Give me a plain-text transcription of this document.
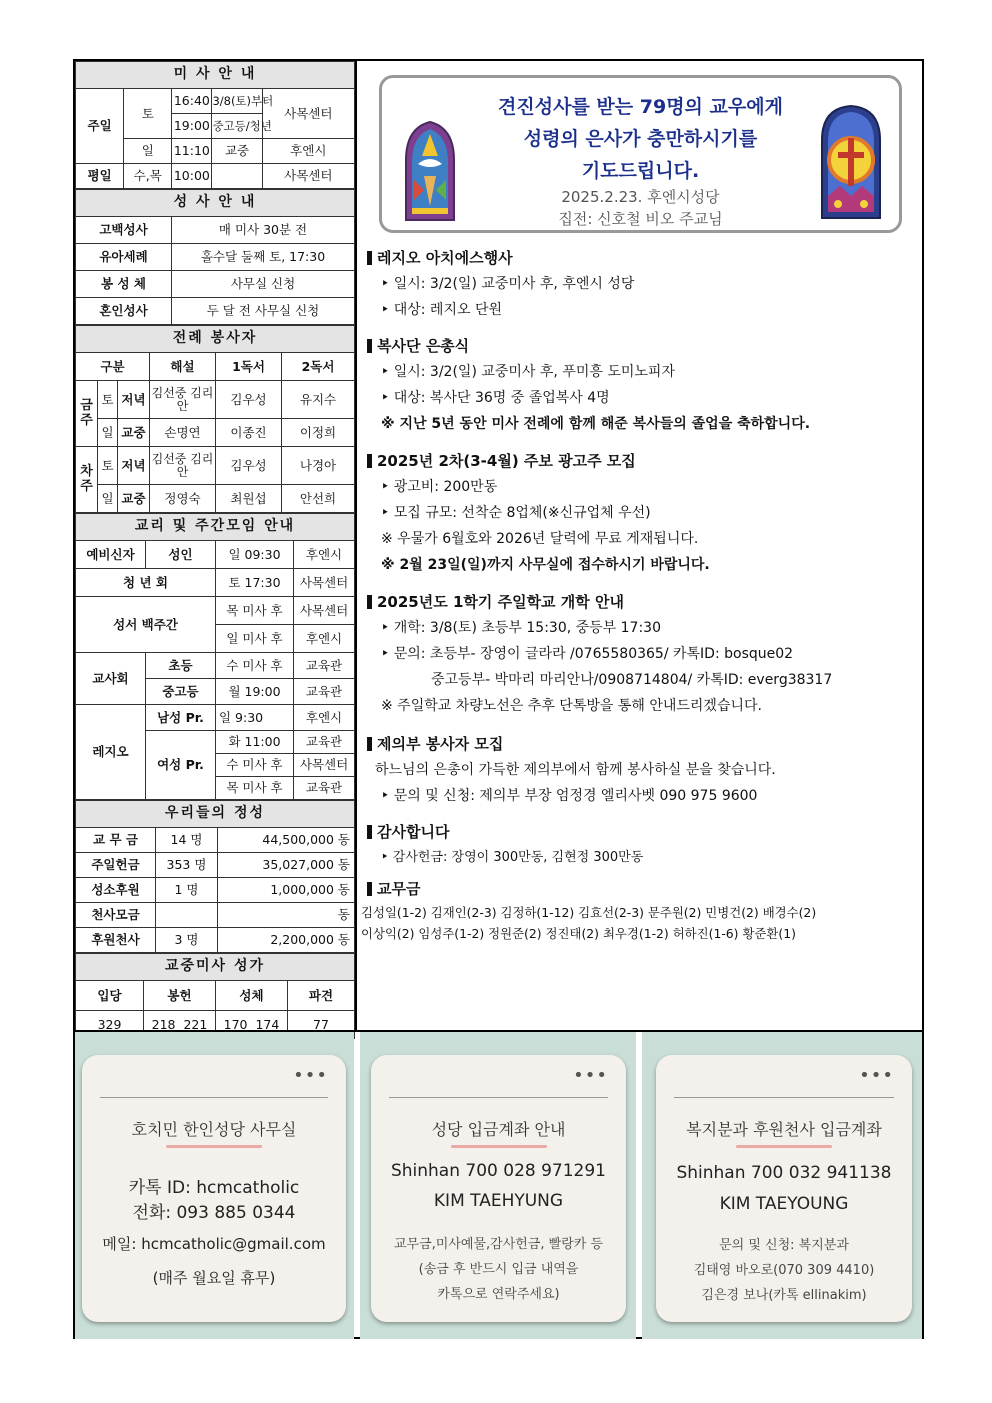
미 사 안 내				
주일	토	16:40	3/8(토)부터	사목센터
		19:00	중고등/청년	
	일	11:10	교중	후엔시
평일	수,목	10:00		사목센터
성 사 안 내	
고백성사	매 미사 30분 전
유아세례	홀수달 둘째 토, 17:30
봉 성 체	사무실 신청
혼인성사	두 달 전 사무실 신청
전례 봉사자					
구분			해설	1독서	2독서
금주	토	저녁	김선중 김리안	김우성	유지수
	일	교중	손명연	이종진	이정희
차주	토	저녁	김선중 김리안	김우성	나경아
	일	교중	정영숙	최원섭	안선희
교리 및 주간모임 안내			
예비신자	성인	일 09:30	후엔시
청 년 회		토 17:30	사목센터
성서 백주간		목 미사 후	사목센터
		일 미사 후	후엔시
교사회	초등	수 미사 후	교육관
	중고등	월 19:00	교육관
레지오	남성 Pr.	일 9:30	후엔시
	여성 Pr.	화 11:00	교육관
		수 미사 후	사목센터
		목 미사 후	교육관
우리들의 정성		
교 무 금	14 명	44,500,000 동
주일헌금	353 명	35,027,000 동
성소후원	1 명	1,000,000 동
천사모금		동
후원천사	3 명	2,200,000 동
교중미사 성가			
입당	봉헌	성체	파견
329	218  221	170  174	77
견진성사를 받는 79명의 교우에게
성령의 은사가 충만하시기를
기도드립니다.
2025.2.23. 후엔시성당
집전: 신호철 비오 주교님
레지오 아치에스행사
‣ 일시: 3/2(일) 교중미사 후, 후엔시 성당
‣ 대상: 레지오 단원
복사단 은총식
‣ 일시: 3/2(일) 교중미사 후, 푸미흥 도미노피자
‣ 대상: 복사단 36명 중 졸업복사 4명
※ 지난 5년 동안 미사 전례에 함께 해준 복사들의 졸업을 축하합니다.
2025년 2차(3-4월) 주보 광고주 모집
‣ 광고비: 200만동
‣ 모집 규모: 선착순 8업체(※신규업체 우선)
※ 우물가 6월호와 2026년 달력에 무료 게재됩니다.
※ 2월 23일(일)까지 사무실에 접수하시기 바랍니다.
2025년도 1학기 주일학교 개학 안내
‣ 개학: 3/8(토) 초등부 15:30, 중등부 17:30
‣ 문의: 초등부- 장영이 글라라 /0765580365/ 카톡ID: bosque02
중고등부- 박마리 마리안나/0908714804/ 카톡ID: everg38317
※ 주일학교 차량노선은 추후 단톡방을 통해 안내드리겠습니다.
제의부 봉사자 모집
하느님의 은총이 가득한 제의부에서 함께 봉사하실 분을 찾습니다.
‣ 문의 및 신청: 제의부 부장 엄정경 엘리사벳 090 975 9600
감사합니다
‣ 감사헌금: 장영이 300만동, 김현정 300만동
교무금
김성일(1-2) 김재인(2-3) 김정하(1-12) 김효선(2-3) 문주원(2) 민병건(2) 배경수(2)
이상익(2) 임성주(1-2) 정원준(2) 정진태(2) 최우경(1-2) 허하진(1-6) 황준환(1)
•••
호치민 한인성당 사무실
카톡 ID: hcmcatholic
전화: 093 885 0344
메일: hcmcatholic@gmail.com
(매주 월요일 휴무)
•••
성당 입금계좌 안내
Shinhan 700 028 971291
KIM TAEHYUNG
교무금,미사예물,감사헌금, 빨랑카 등
(송금 후 반드시 입금 내역을
카톡으로 연락주세요)
•••
복지분과 후원천사 입금계좌
Shinhan 700 032 941138
KIM TAEYOUNG
문의 및 신청: 복지분과
김태영 바오로(070 309 4410)
김은경 보나(카톡 ellinakim)
